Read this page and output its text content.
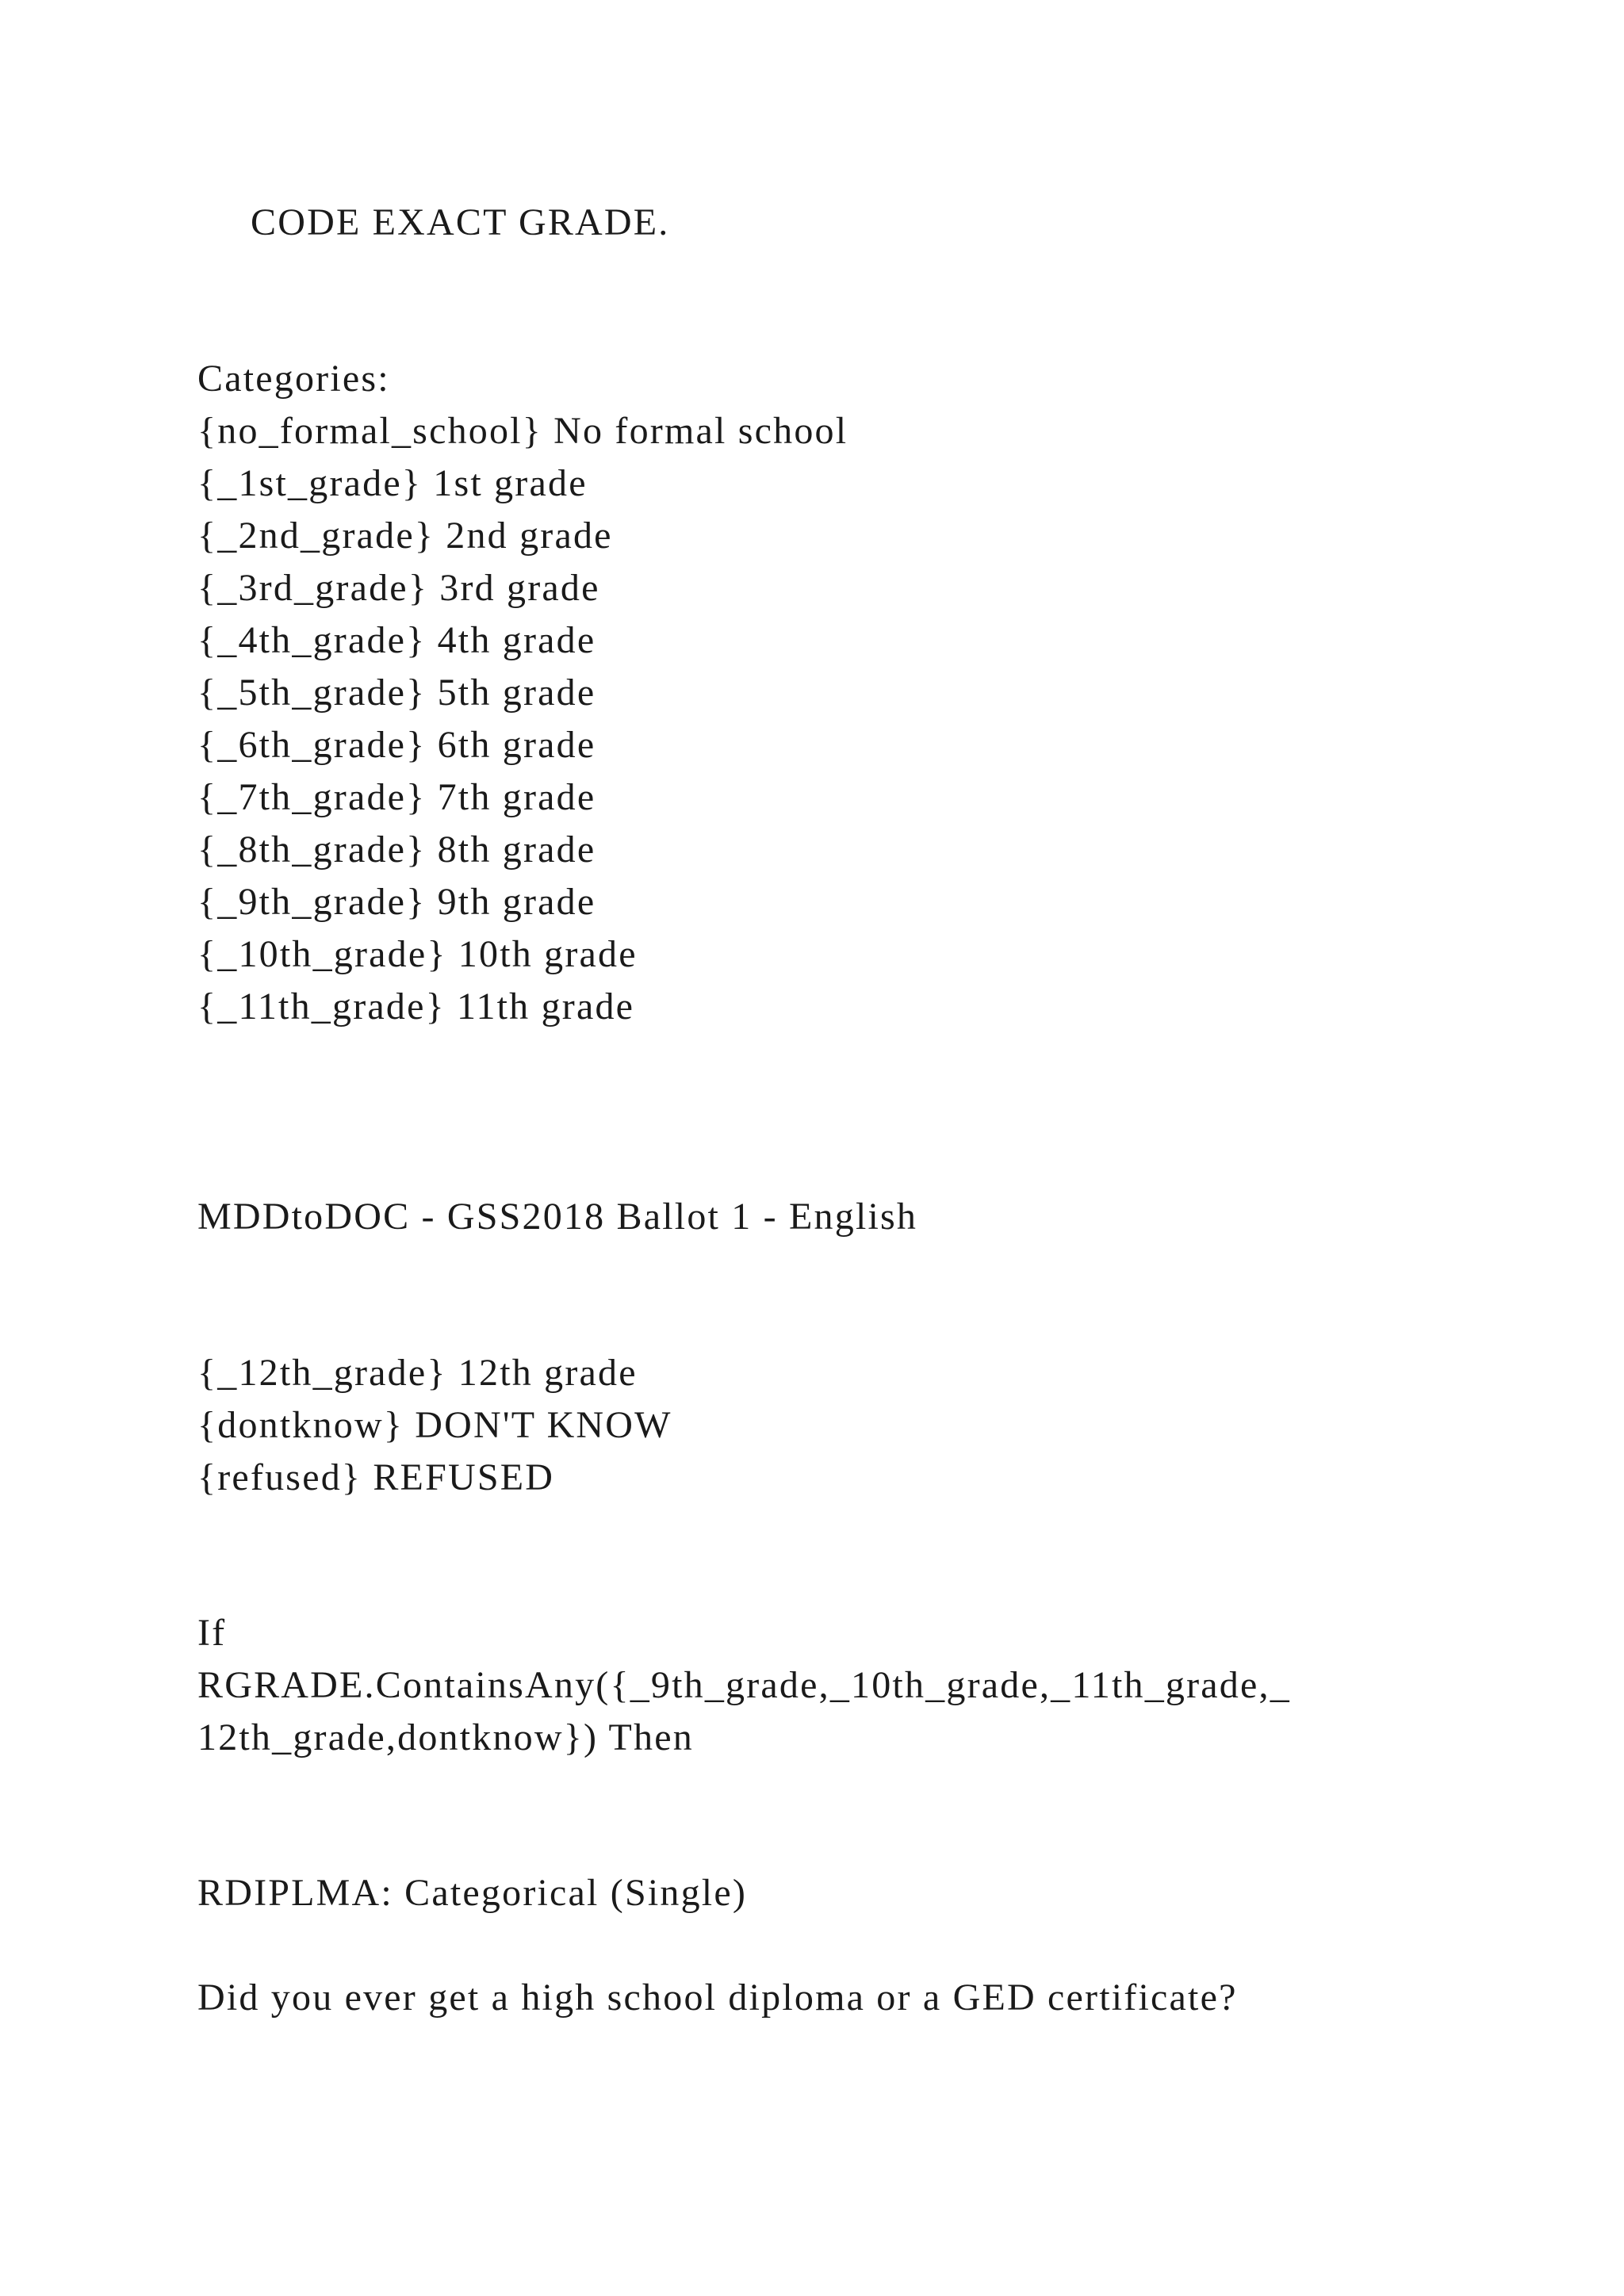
CODE EXACT GRADE.

Categories:

{no_formal_school} No formal school

{_1st_grade} 1st grade

{_2nd_grade} 2nd grade

{_3rd_grade} 3rd grade

{_4th_grade} 4th grade

{_5th_grade} 5th grade

{_6th_grade} 6th grade

{_7th_grade} 7th grade

{_8th_grade} 8th grade

{_9th_grade} 9th grade

{_10th_grade} 10th grade

{_11th_grade} 11th grade

MDDtoDOC - GSS2018 Ballot 1 - English

{_12th_grade} 12th grade

{dontknow} DON'T KNOW

{refused} REFUSED

If

RGRADE.ContainsAny({_9th_grade,_10th_grade,_11th_grade,_

12th_grade,dontknow}) Then

RDIPLMA: Categorical (Single)

Did you ever get a high school diploma or a GED certificate?
